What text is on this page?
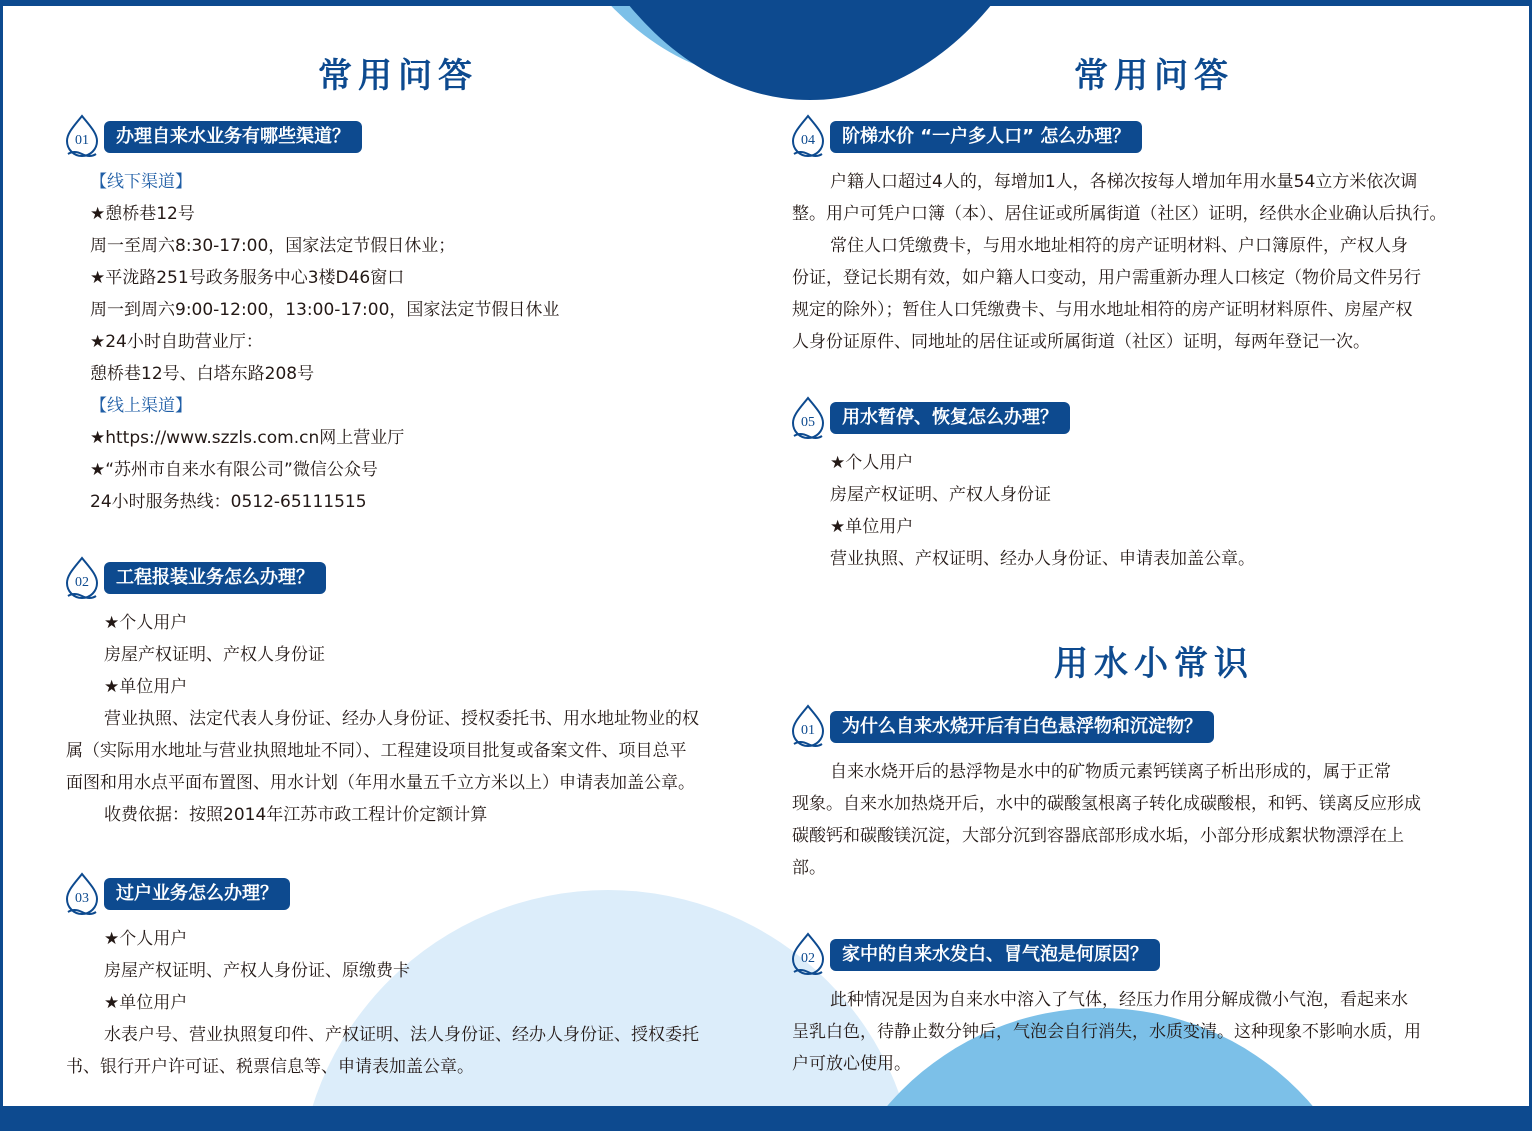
常用问答
01	办理自来水业务有哪些渠道？
【线下渠道】
★憩桥巷12号
周一至周六8:30-17:00，国家法定节假日休业；
★平泷路251号政务服务中心3楼D46窗口
周一到周六9:00-12:00，13:00-17:00，国家法定节假日休业
★24小时自助营业厅：
憩桥巷12号、白塔东路208号
【线上渠道】
★https://www.szzls.com.cn网上营业厅
★“苏州市自来水有限公司”微信公众号
24小时服务热线：0512-65111515
02	工程报装业务怎么办理？
★个人用户
房屋产权证明、产权人身份证
★单位用户
营业执照、法定代表人身份证、经办人身份证、授权委托书、用水地址物业的权
属（实际用水地址与营业执照地址不同）、工程建设项目批复或备案文件、项目总平
面图和用水点平面布置图、用水计划（年用水量五千立方米以上）申请表加盖公章。
收费依据：按照2014年江苏市政工程计价定额计算
03	过户业务怎么办理？
★个人用户
房屋产权证明、产权人身份证、原缴费卡
★单位用户
水表户号、营业执照复印件、产权证明、法人身份证、经办人身份证、授权委托
书、银行开户许可证、税票信息等、申请表加盖公章。
常用问答
04	阶梯水价 “一户多人口” 怎么办理？
户籍人口超过4人的，每增加1人，各梯次按每人增加年用水量54立方米依次调
整。用户可凭户口簿（本）、居住证或所属街道（社区）证明，经供水企业确认后执行。
常住人口凭缴费卡，与用水地址相符的房产证明材料、户口簿原件，产权人身
份证，登记长期有效，如户籍人口变动，用户需重新办理人口核定（物价局文件另行
规定的除外）；暂住人口凭缴费卡、与用水地址相符的房产证明材料原件、房屋产权
人身份证原件、同地址的居住证或所属街道（社区）证明，每两年登记一次。
05	用水暂停、恢复怎么办理？
★个人用户
房屋产权证明、产权人身份证
★单位用户
营业执照、产权证明、经办人身份证、申请表加盖公章。
用水小常识
01	为什么自来水烧开后有白色悬浮物和沉淀物？
自来水烧开后的悬浮物是水中的矿物质元素钙镁离子析出形成的，属于正常
现象。自来水加热烧开后，水中的碳酸氢根离子转化成碳酸根，和钙、镁离反应形成
碳酸钙和碳酸镁沉淀，大部分沉到容器底部形成水垢，小部分形成絮状物漂浮在上
部。
02	家中的自来水发白、冒气泡是何原因？
此种情况是因为自来水中溶入了气体，经压力作用分解成微小气泡，看起来水
呈乳白色，待静止数分钟后，气泡会自行消失，水质变清。这种现象不影响水质，用
户可放心使用。
